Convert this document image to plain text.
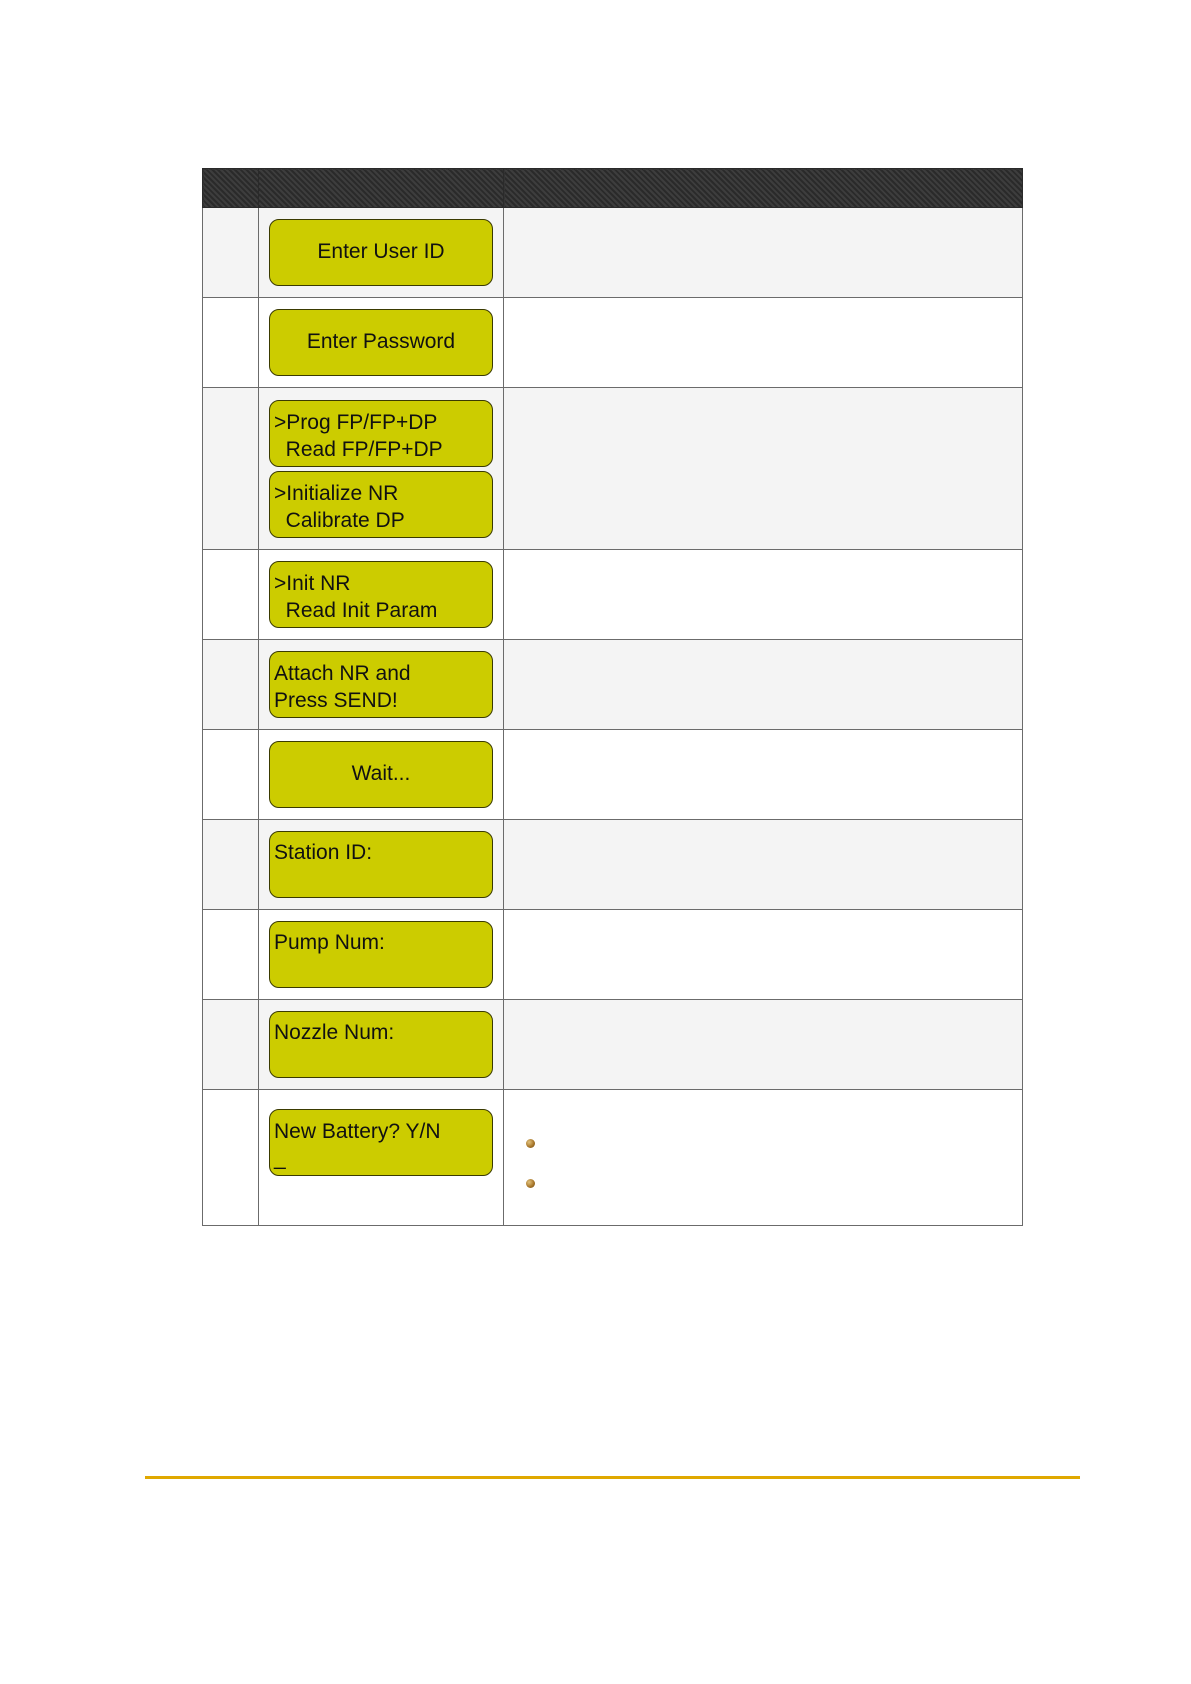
	Enter User ID	

	Enter Password	

	>Prog FP/FP+DP
Read FP/FP+DP
>Initialize NR
Calibrate DP	

	>Init NR
Read Init Param	

	Attach NR and
Press SEND!	

	Wait...	

	Station ID:	

	Pump Num:	

	Nozzle Num:	

	New Battery? Y/N
_	
